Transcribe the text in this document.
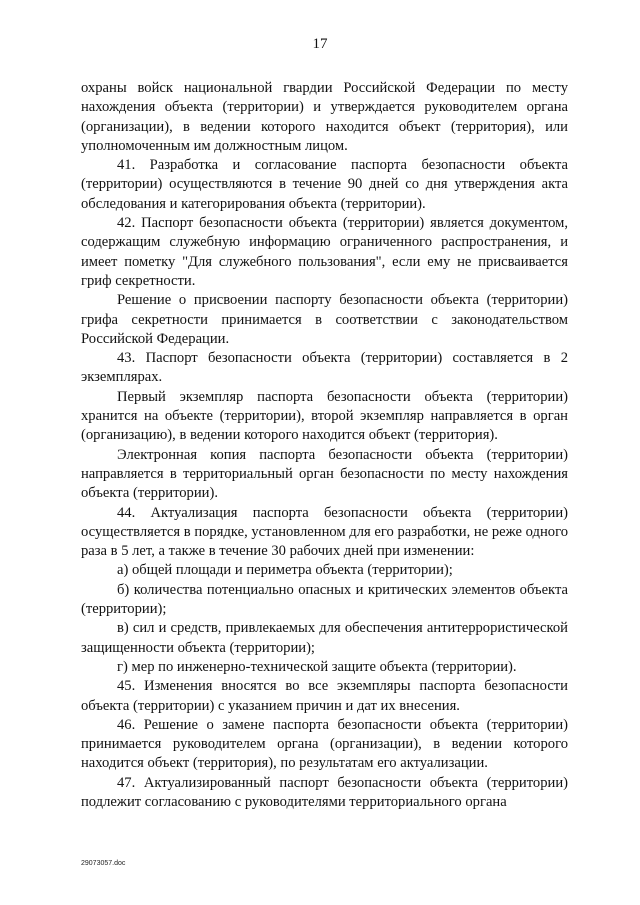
17

охраны войск национальной гвардии Российской Федерации по месту нахождения объекта (территории) и утверждается руководителем органа (организации), в ведении которого находится объект (территория), или уполномоченным им должностным лицом.

41. Разработка и согласование паспорта безопасности объекта (территории) осуществляются в течение 90 дней со дня утверждения акта обследования и категорирования объекта (территории).

42. Паспорт безопасности объекта (территории) является документом, содержащим служебную информацию ограниченного распространения, и имеет пометку "Для служебного пользования", если ему не присваивается гриф секретности.

Решение о присвоении паспорту безопасности объекта (территории) грифа секретности принимается в соответствии с законодательством Российской Федерации.

43. Паспорт безопасности объекта (территории) составляется в 2 экземплярах.

Первый экземпляр паспорта безопасности объекта (территории) хранится на объекте (территории), второй экземпляр направляется в орган (организацию), в ведении которого находится объект (территория).

Электронная копия паспорта безопасности объекта (территории) направляется в территориальный орган безопасности по месту нахождения объекта (территории).

44. Актуализация паспорта безопасности объекта (территории) осуществляется в порядке, установленном для его разработки, не реже одного раза в 5 лет, а также в течение 30 рабочих дней при изменении:

а) общей площади и периметра объекта (территории);

б) количества потенциально опасных и критических элементов объекта (территории);

в) сил и средств, привлекаемых для обеспечения антитеррористической защищенности объекта (территории);

г) мер по инженерно-технической защите объекта (территории).

45. Изменения вносятся во все экземпляры паспорта безопасности объекта (территории) с указанием причин и дат их внесения.

46. Решение о замене паспорта безопасности объекта (территории) принимается руководителем органа (организации), в ведении которого находится объект (территория), по результатам его актуализации.

47. Актуализированный паспорт безопасности объекта (территории) подлежит согласованию с руководителями территориального органа

29073057.doc
